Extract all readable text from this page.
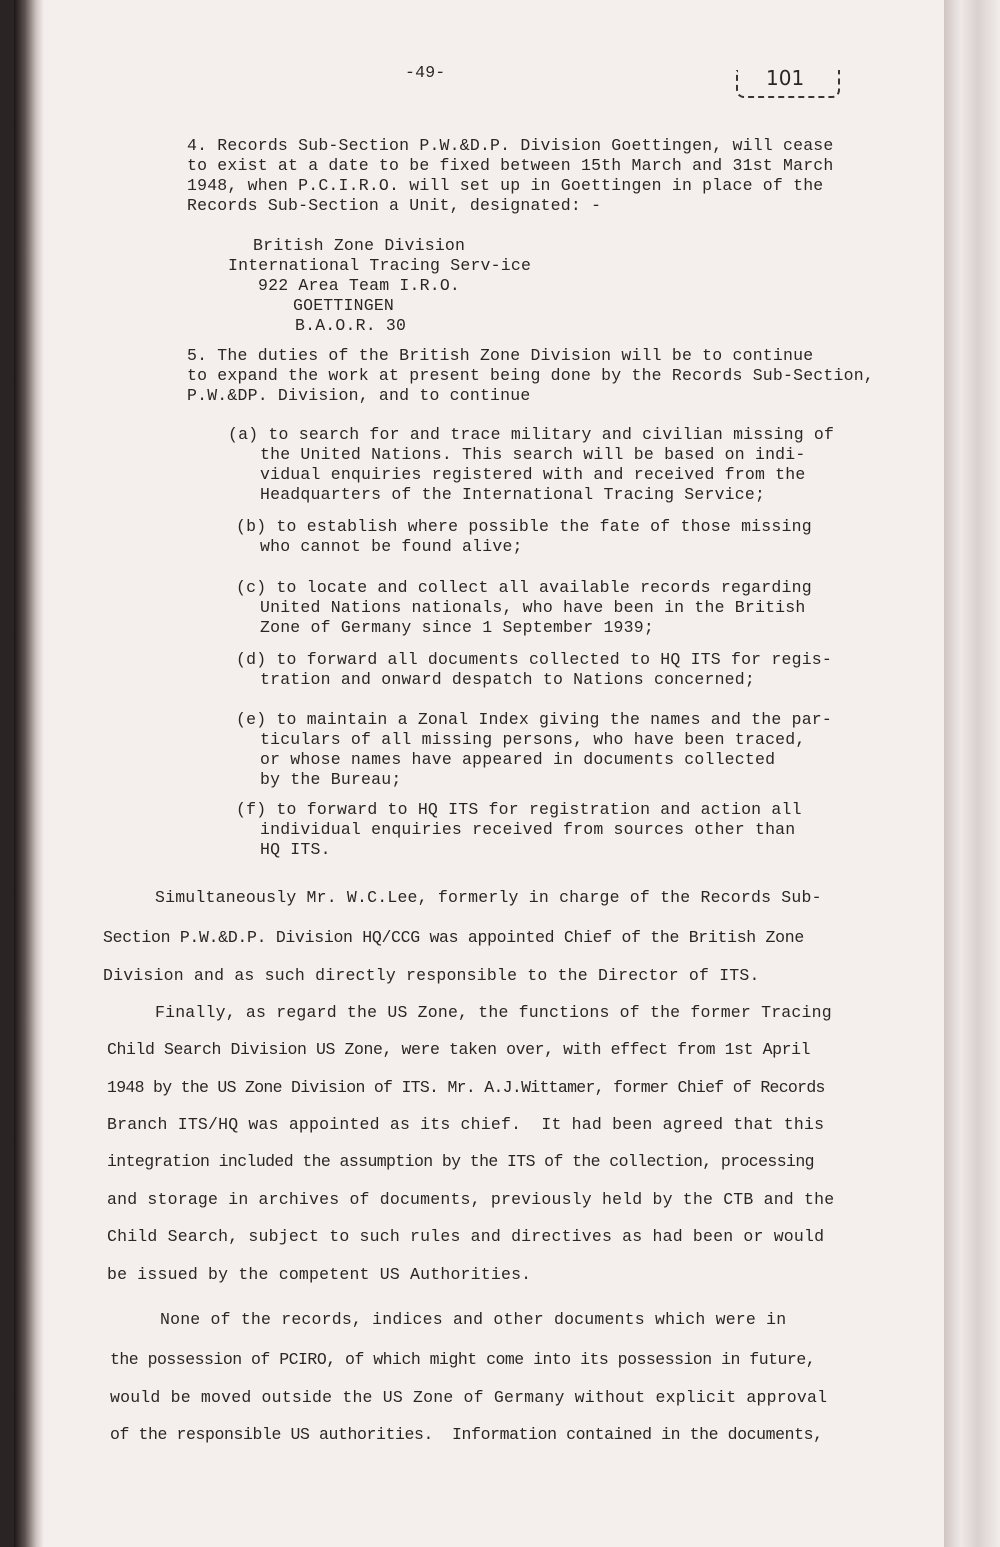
-49-	101
4. Records Sub-Section P.W.&D.P. Division Goettingen, will cease
to exist at a date to be fixed between 15th March and 31st March
1948, when P.C.I.R.O. will set up in Goettingen in place of the
Records Sub-Section a Unit, designated: -
British Zone Division
International Tracing Serv-ice
922 Area Team I.R.O.
GOETTINGEN
B.A.O.R. 30
5. The duties of the British Zone Division will be to continue
to expand the work at present being done by the Records Sub-Section,
P.W.&DP. Division, and to continue
(a) to search for and trace military and civilian missing of
the United Nations. This search will be based on indi-
vidual enquiries registered with and received from the
Headquarters of the International Tracing Service;
(b) to establish where possible the fate of those missing
who cannot be found alive;
(c) to locate and collect all available records regarding
United Nations nationals, who have been in the British
Zone of Germany since 1 September 1939;
(d) to forward all documents collected to HQ ITS for regis-
tration and onward despatch to Nations concerned;
(e) to maintain a Zonal Index giving the names and the par-
ticulars of all missing persons, who have been traced,
or whose names have appeared in documents collected
by the Bureau;
(f) to forward to HQ ITS for registration and action all
individual enquiries received from sources other than
HQ ITS.
Simultaneously Mr. W.C.Lee, formerly in charge of the Records Sub-
Section P.W.&D.P. Division HQ/CCG was appointed Chief of the British Zone
Division and as such directly responsible to the Director of ITS.
Finally, as regard the US Zone, the functions of the former Tracing
Child Search Division US Zone, were taken over, with effect from 1st April
1948 by the US Zone Division of ITS. Mr. A.J.Wittamer, former Chief of Records
Branch ITS/HQ was appointed as its chief.  It had been agreed that this
integration included the assumption by the ITS of the collection, processing
and storage in archives of documents, previously held by the CTB and the
Child Search, subject to such rules and directives as had been or would
be issued by the competent US Authorities.
None of the records, indices and other documents which were in
the possession of PCIRO, of which might come into its possession in future,
would be moved outside the US Zone of Germany without explicit approval
of the responsible US authorities.  Information contained in the documents,
